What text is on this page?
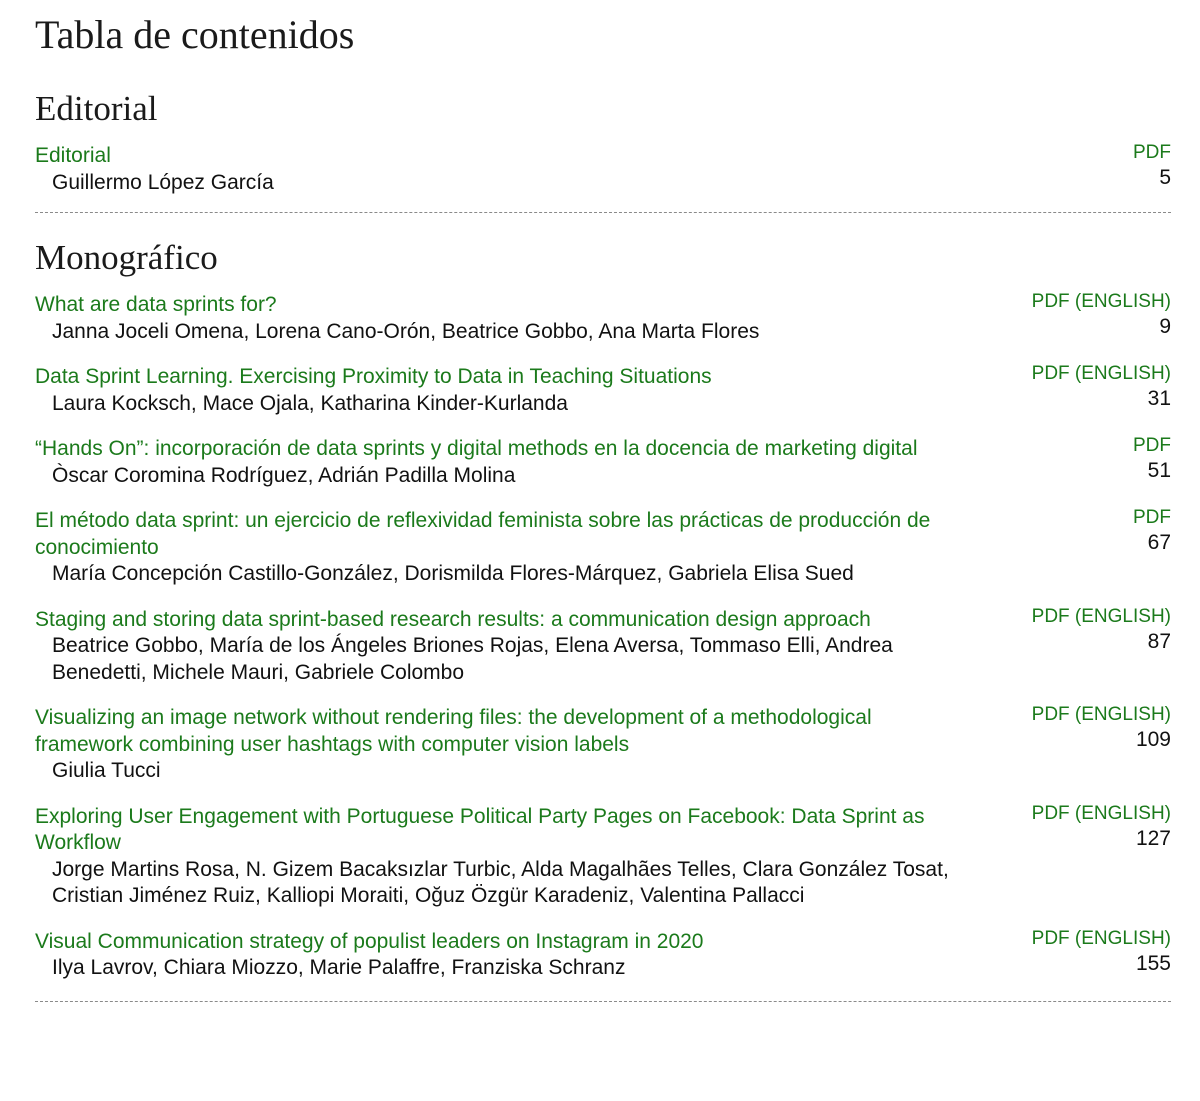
Tabla de contenidos
Editorial
Editorial
Guillermo López García
PDF
5
Monográfico
What are data sprints for?
Janna Joceli Omena, Lorena Cano-Orón, Beatrice Gobbo, Ana Marta Flores
PDF (ENGLISH)
9
Data Sprint Learning. Exercising Proximity to Data in Teaching Situations
Laura Kocksch, Mace Ojala, Katharina Kinder-Kurlanda
PDF (ENGLISH)
31
“Hands On”: incorporación de data sprints y digital methods en la docencia de marketing digital
Òscar Coromina Rodríguez, Adrián Padilla Molina
PDF
51
El método data sprint: un ejercicio de reflexividad feminista sobre las prácticas de producción de conocimiento
María Concepción Castillo-González, Dorismilda Flores-Márquez, Gabriela Elisa Sued
PDF
67
Staging and storing data sprint-based research results: a communication design approach
Beatrice Gobbo, María de los Ángeles Briones Rojas, Elena Aversa, Tommaso Elli, Andrea Benedetti, Michele Mauri, Gabriele Colombo
PDF (ENGLISH)
87
Visualizing an image network without rendering files: the development of a methodological framework combining user hashtags with computer vision labels
Giulia Tucci
PDF (ENGLISH)
109
Exploring User Engagement with Portuguese Political Party Pages on Facebook: Data Sprint as Workflow
Jorge Martins Rosa, N. Gizem Bacaksızlar Turbic, Alda Magalhães Telles, Clara González Tosat, Cristian Jiménez Ruiz, Kalliopi Moraiti, Oğuz Özgür Karadeniz, Valentina Pallacci
PDF (ENGLISH)
127
Visual Communication strategy of populist leaders on Instagram in 2020
Ilya Lavrov, Chiara Miozzo, Marie Palaffre, Franziska Schranz
PDF (ENGLISH)
155
